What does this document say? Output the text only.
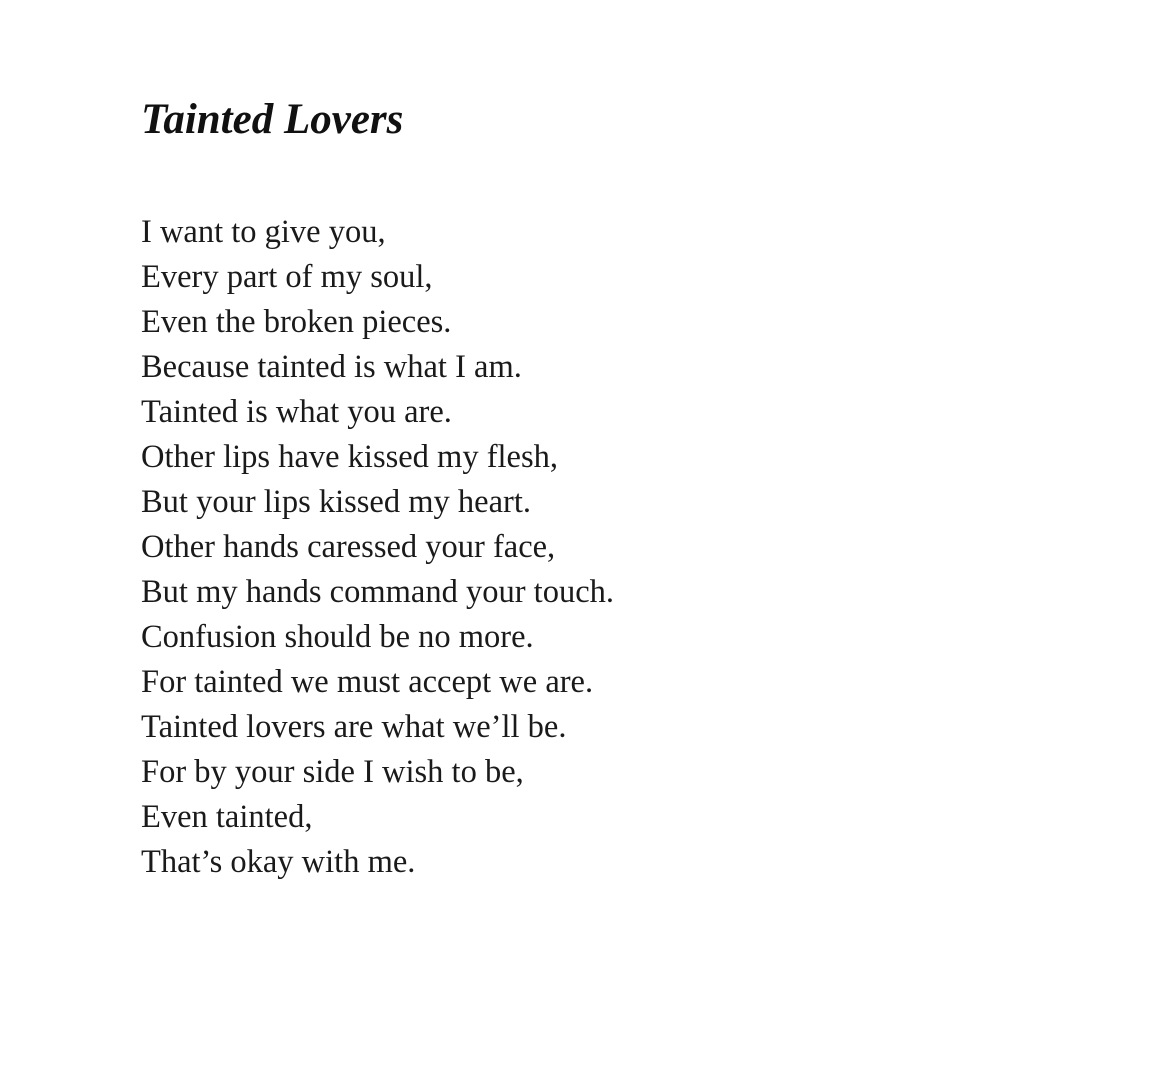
Tainted Lovers
I want to give you,
Every part of my soul,
Even the broken pieces.
Because tainted is what I am.
Tainted is what you are.
Other lips have kissed my flesh,
But your lips kissed my heart.
Other hands caressed your face,
But my hands command your touch.
Confusion should be no more.
For tainted we must accept we are.
Tainted lovers are what we’ll be.
For by your side I wish to be,
Even tainted,
That’s okay with me.
